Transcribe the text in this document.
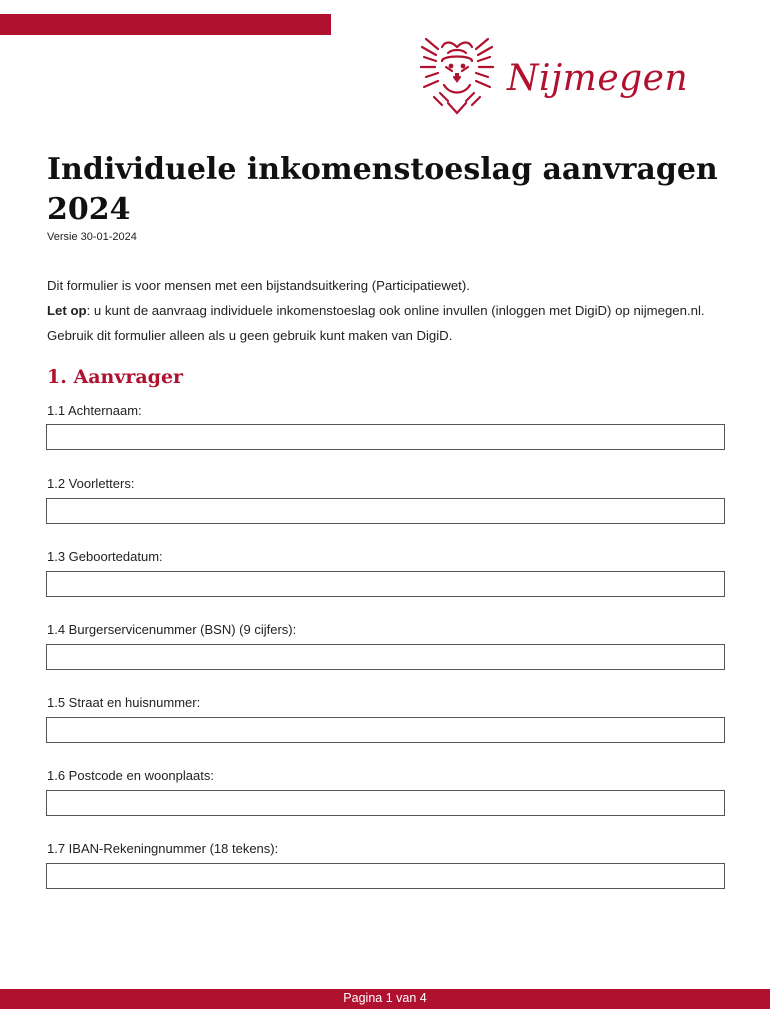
Nijmegen
Individuele inkomenstoeslag aanvragen 2024
Versie 30-01-2024
Dit formulier is voor mensen met een bijstandsuitkering (Participatiewet).
Let op: u kunt de aanvraag individuele inkomenstoeslag ook online invullen (inloggen met DigiD) op nijmegen.nl. Gebruik dit formulier alleen als u geen gebruik kunt maken van DigiD.
1. Aanvrager
1.1 Achternaam:
1.2 Voorletters:
1.3 Geboortedatum:
1.4 Burgerservicenummer (BSN) (9 cijfers):
1.5 Straat en huisnummer:
1.6 Postcode en woonplaats:
1.7 IBAN-Rekeningnummer (18 tekens):
Pagina 1 van 4
